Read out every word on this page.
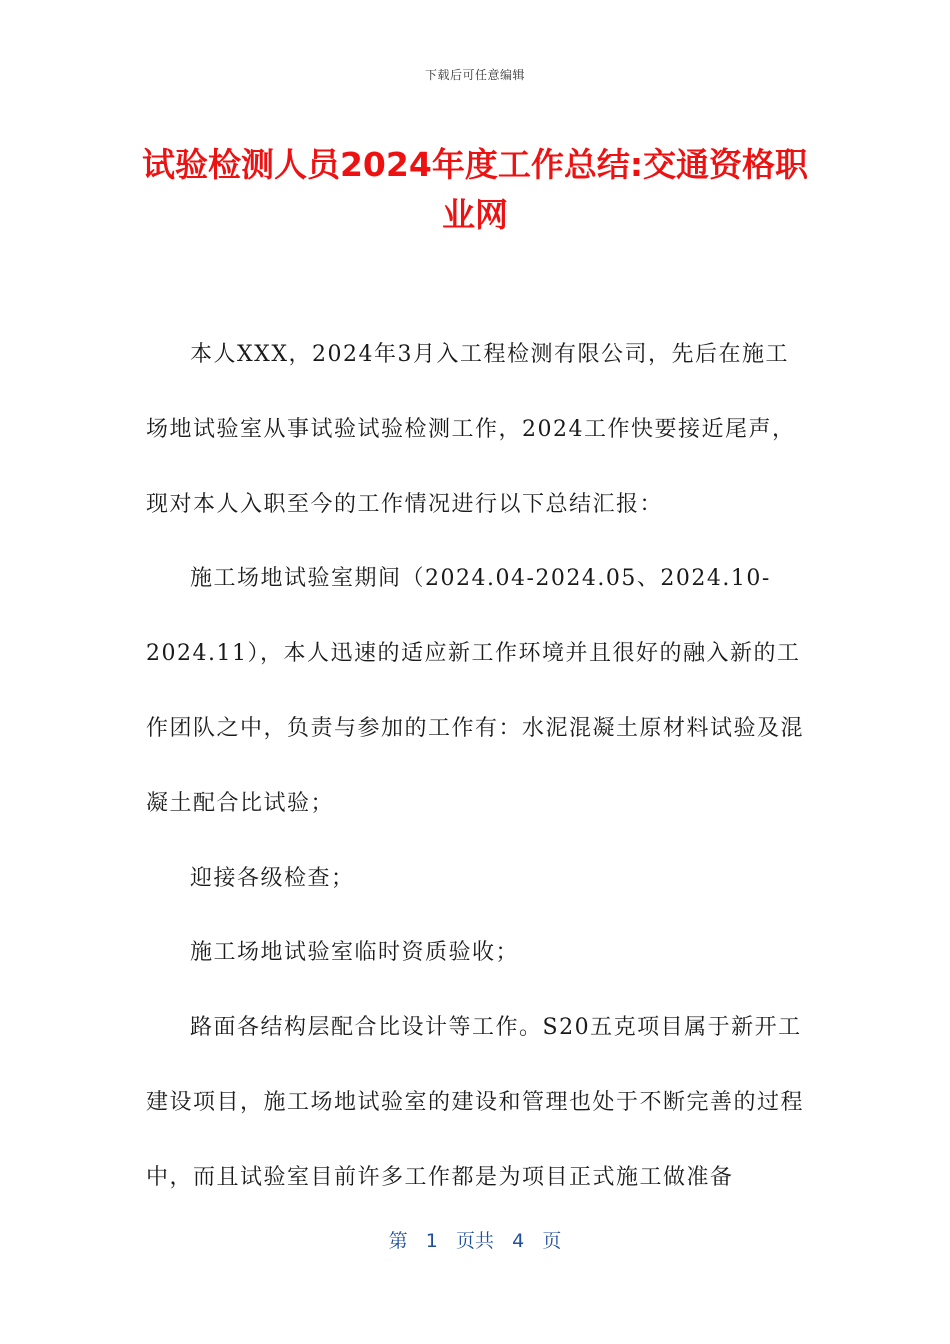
下载后可任意编辑
试验检测人员2024年度工作总结:交通资格职业网

本人XXX，2024年3月入工程检测有限公司，先后在施工场地试验室从事试验试验检测工作，2024工作快要接近尾声，现对本人入职至今的工作情况进行以下总结汇报：

施工场地试验室期间（2024.04-2024.05、2024.10-2024.11），本人迅速的适应新工作环境并且很好的融入新的工作团队之中，负责与参加的工作有：水泥混凝土原材料试验及混凝土配合比试验；

迎接各级检查；

施工场地试验室临时资质验收；

路面各结构层配合比设计等工作。S20五克项目属于新开工建设项目，施工场地试验室的建设和管理也处于不断完善的过程中，而且试验室目前许多工作都是为项目正式施工做准备

第 1 页共 4 页
